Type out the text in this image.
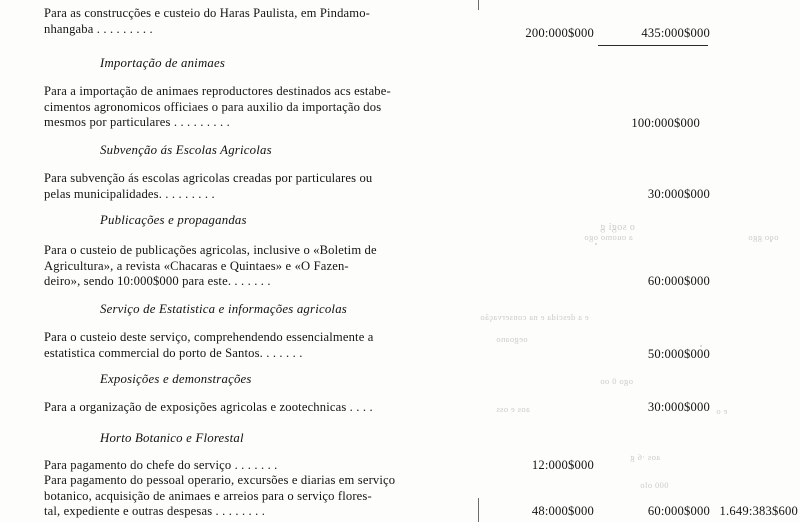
o sogi g
a ouomo ogo
e a descida e na conservação
oegoano
ogo 0 oo
aos e oss	e o
aos ·6 g
000 olo
ooo ggo
Para as construcções e custeio do Haras Paulista, em Pindamo-
nhangaba . . . . . . . . .	200:000$000	435:000$000
Importação de animaes
Para a importação de animaes reproductores destinados acs estabe-
cimentos agronomicos officiaes o para auxilio da importação dos
mesmos por particulares . . . . . . . . .	100:000$000
Subvenção ás Escolas Agricolas
Para subvenção ás escolas agricolas creadas por particulares ou
pelas municipalidades. . . . . . . . .	30:000$000
Publicações e propagandas
Para o custeio de publicações agricolas, inclusive o «Boletim de
Agricultura», a revista «Chacaras e Quintaes» e «O Fazen-
deiro», sendo 10:000$000 para este. . . . . . .	60:000$000
Serviço de Estatistica e informações agricolas
Para o custeio deste serviço, comprehendendo essencialmente a
estatistica commercial do porto de Santos. . . . . . .	50:000$000
Exposições e demonstrações
Para a organização de exposições agricolas e zootechnicas . . . .	30:000$000
Horto Botanico e Florestal
Para pagamento do chefe do serviço . . . . . . .	12:000$000
Para pagamento do pessoal operario, excursões e diarias em serviço
botanico, acquisição de animaes e arreios para o serviço flores-
tal, expediente e outras despesas . . . . . . . .	48:000$000	60:000$000 1.649:383$600
